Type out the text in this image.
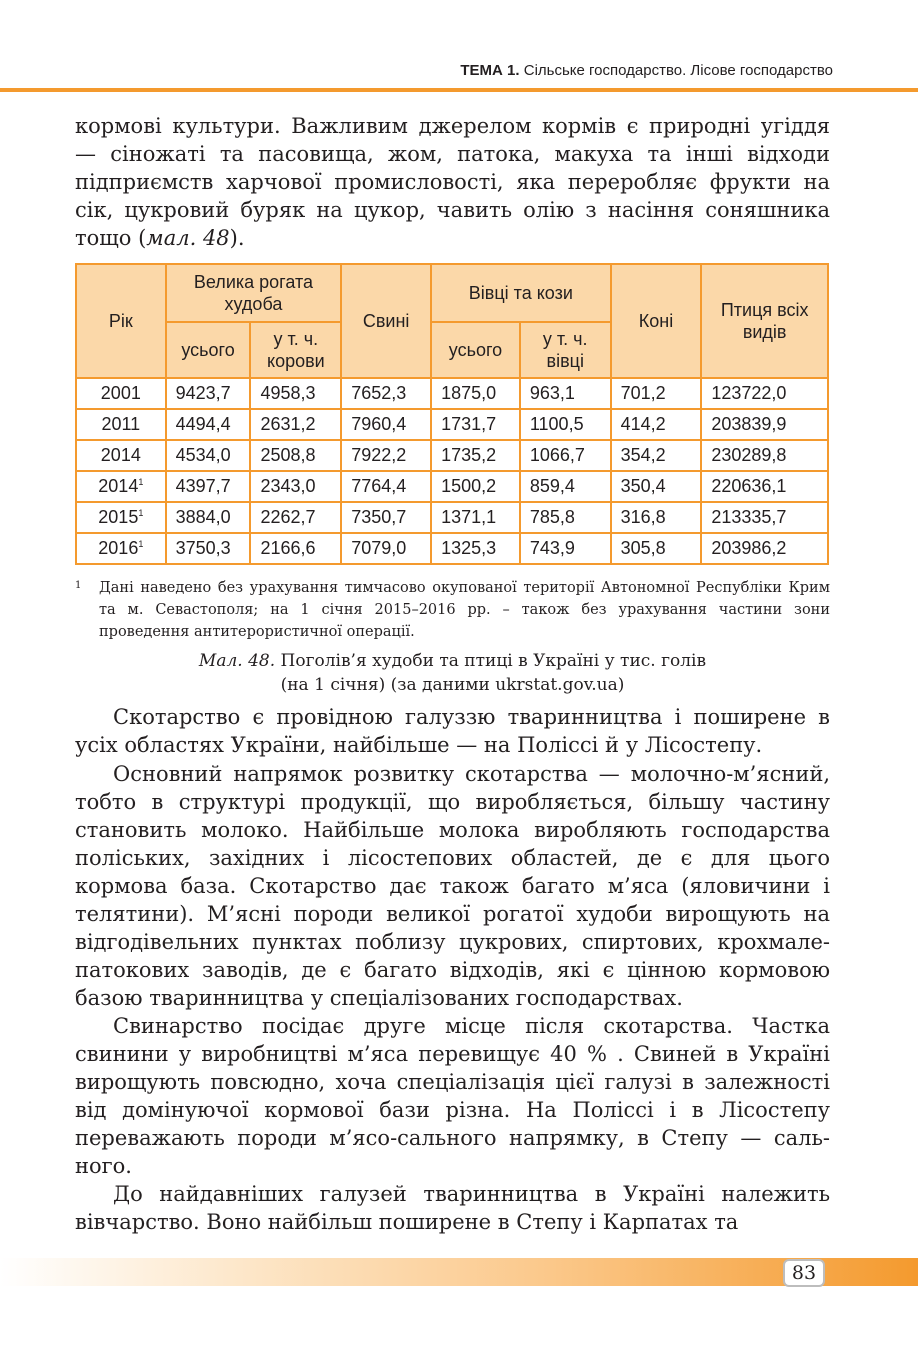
ТЕМА 1. Сільське господарство. Лісове господарство

кормові культури. Важливим джерелом кормів є природні угіддя — сіножаті та пасовища, жом, патока, макуха та інші відходи підприємств харчової промисловості, яка переробляє фрукти на сік, цукровий буряк на цукор, чавить олію з насіння соняшника тощо (мал. 48).

Рік	Велика рогата худоба		Свині	Вівці та кози		Коні	Птиця всіх видів
	усього	у т. ч. корови		усього	у т. ч. вівці		
2001	9423,7	4958,3	7652,3	1875,0	963,1	701,2	123722,0
2011	4494,4	2631,2	7960,4	1731,7	1100,5	414,2	203839,9
2014	4534,0	2508,8	7922,2	1735,2	1066,7	354,2	230289,8
2014$^1$	4397,7	2343,0	7764,4	1500,2	859,4	350,4	220636,1
2015$^1$	3884,0	2262,7	7350,7	1371,1	785,8	316,8	213335,7
2016$^1$	3750,3	2166,6	7079,0	1325,3	743,9	305,8	203986,2
1 Дані наведено без урахування тимчасово окупованої території Автономної Республіки Крим та м. Севастополя; на 1 січня 2015–2016 рр. – також без урахування частини зони проведення антитерористичної операції.
Мал. 48. Поголів’я худоби та птиці в Україні у тис. голів
(на 1 січня) (за даними ukrstat.gov.ua)

Скотарство є провідною галуззю тваринництва і поширене в усіх областях України, найбільше — на Поліссі й у Лісостепу.

Основний напрямок розвитку скотарства — молочно-м’ясний, тобто в структурі продукції, що виробляється, більшу частину становить молоко. Найбільше молока виробляють господарства поліських, західних і лісостепових областей, де є для цього кормова база. Скотарство дає також багато м’яса (яловичини і телятини). М’ясні породи великої рогатої худоби вирощують на відгодівельних пунктах поблизу цукрових, спиртових, крохмале-патокових заводів, де є багато відходів, які є цінною кормовою базою тваринництва у спеціалізованих господарствах.

Свинарство посідає друге місце після скотарства. Частка свинини у виробництві м’яса перевищує 40 % . Свиней в Україні вирощують повсюдно, хоча спеціалізація цієї галузі в залежності від домінуючої кормової бази різна. На Поліссі і в Лісостепу переважають породи м’ясо-сального напрямку, в Степу — сального.

До найдавніших галузей тваринництва в Україні належить вівчарство. Воно найбільш поширене в Степу і Карпатах та

83
